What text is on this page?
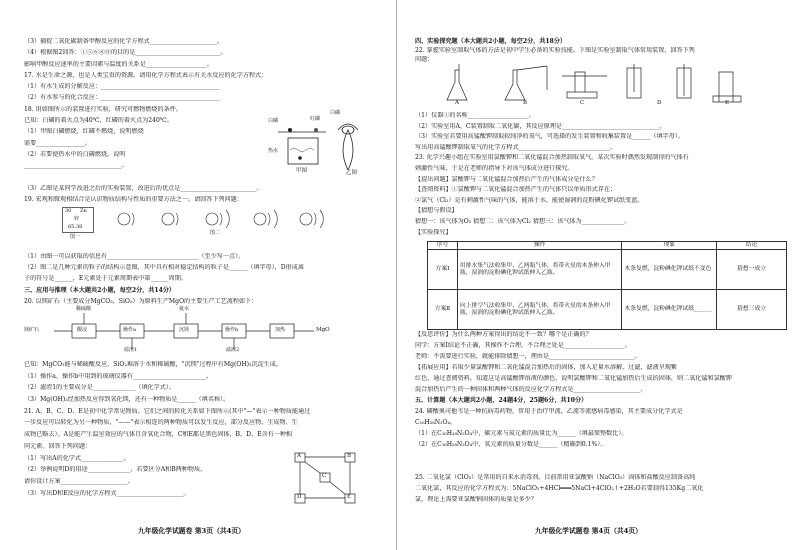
（3）捕捉二氧化碳制备甲醇反应的化学方程式______________________。
（4）根据图2回答：①⑤⑥⑧⑪的目的是____________________________。
影响甲醇反应速率的主要因素与温度的关系是____________________。
17. 水是生命之源，也是人类宝贵的资源。请用化学方程式表示有关水反应的化学方程式：
（1）有水生成的分解反应：_______________________________________
（2）有水参与的化合反应：_______________________________________
18. 用如图所示的装置进行实验，研究可燃物燃烧的条件。
已知：白磷的着火点为40℃，红磷的着火点为240℃。
（1）甲图白磷燃烧，红磷不燃烧，说明燃烧
需要________________。
（2）若要使热水中的白磷燃烧，说明
________________________________。
（3）乙图是某同学改进之后的实验装置，改进后的优点是_________________________。
19. 宏观和微观相结合是认识物质结构与性质的重要方法之一。请回答下列问题：
（1）由图一可以获取的信息有______________________________（至少写一点）。
（2）图二是几种元素的粒子的结构示意图，其中具有相对稳定结构的粒子是______（填字母），D形成离
子的符号是______，E元素处于元素周期表中第______周期。
三、应用与推理（本大题共2小题，每空2分，共14分）
20. 以镁矿石（主要成分MgCO₃，SiO₂）为原料生产MgO的主要生产工艺流程如下：
白磷	红磷
热水
白磷
甲图	乙图
30 Zn
锌
65.38
图二
图一
镁矿石
稀硫酸
酸浸	操作a
滤渣1
氨水
沉镁	操作b
滤液2
加热	MgO
已知：MgCO₃能与稀硫酸反应，SiO₂难溶于水和稀硫酸，"沉镁"过程中有Mg(OH)₂沉淀生成。
（1）操作a、操作b中用到的玻璃仪器有________________________。
（2）滤渣1的主要成分是______________（填化学式）。
（3）Mg(OH)₂经加热反应得到氧化镁，还有一种物质是______（填名称）。
21. A、B、C、D、E是初中化学常见物质。它们之间的转化关系如下图所示(其中"—"表示一种物质能通过
一步反应可以转化为另一种物质，"——"表示相连的两种物质可以发生反应，部分反应物、生成物、生
成物已略去）。A是能产生温室效应的气体且含氧化合物，C和E都是黑色固体，B、D、E含有一种相
同元素。回答下列问题：
（1）写出A的化学式______________。
（2）举例说明D的用途______________，若要区分A和B两种物质，
请你设计方案______________________。
（3）写出D和E反应的化学方程式______________________。
A	B
C
D	E
九年级化学试题卷 第3页（共4页）
四、实验探究题（本大题共2小题，每空2分，共18分）
22. 掌握实验室制取气体的方法是初中学生必备的实验技能。下图是实验室制取气体常用装置，回答下列
问题：
A	B	C	D	E
（1）仪器①的名称____________________。
（2）实验室用A、C装置制取二氧化碳，其反应原理是________________________________。
（3）实验室若要用高锰酸钾制取较纯净的氧气，可选择的发生装置和收集装置是______（填字母）。
写出用高锰酸钾制取氧气的化学方程式______________________________。
23. 化学兴趣小组在实验室用氯酸钾和二氧化锰混合加热制取氧气。某次实验时偶然发现制得的气体有
刺激性气味，于是在老师的指导下对该气体成分进行探究。
【提出问题】氯酸钾与二氧化锰混合加热后产生的气体成分是什么？
【查阅资料】①氯酸钾与二氧化锰混合加热产生的气体只以单质形式存在；
②氯气（Cl₂）是有刺激性气味的气体，能溶于水，能使湿润的淀粉碘化钾试纸变蓝。
【猜想与假设】
猜想一：该气体为O₂ 猜想二：该气体为Cl₂ 猜想三：该气体为______________。
【实验探究】
序号	操作	现象	结论
方案Ⅰ	用排水集气法收集甲、乙两瓶气体，将带火星的木条伸入甲瓶，湿润的淀粉碘化钾试纸伸入乙瓶。	木条复燃，淀粉碘化钾试纸不变色	猜想一成立
方案Ⅱ	向上排空气法收集甲、乙两瓶气体，将带火星的木条伸入甲瓶，湿润的淀粉碘化钾试纸伸入乙瓶。	木条复燃，淀粉碘化钾试纸______	猜想三成立
【反思评价】为什么两种方案得出的结论不一致？哪个是正确的？
同学：方案Ⅰ结论不正确，其操作不合理，不合理之处是____________________。
老师：不需要进行实验，就能排除猜想一，理由是____________________________。
【拓展应用】若取少量氯酸钾和二氧化锰混合加热后的固体，加入足量水溶解、过滤，滤液呈现紫
红色，通过查阅资料，知道这是高锰酸钾溶液的颜色，说明氯酸钾和二氧化锰加热后生成的固体，则二氧化锰和氯酸钾
混合加热后产生的一种固体和两种气体的反应化学方程式是______________________。
五、计算题（本大题共2小题，24题4分，25题6分，共10分）
24. 磷酸奥司他韦是一种抗病毒药物，常用于治疗甲流、乙流等流感病毒感染，其主要成分化学式是
C₁₆H₂₈N₂O₄。
（1）在C₁₆H₂₈N₂O₄中，碳元素与氮元素的质量比为______（填最简整数比）。
（2）在C₁₆H₂₈N₂O₄中，氧元素的质量分数是______（精确到0.1%）。
25. 二氧化氯（ClO₂）是常用的自来水消毒剂。目前常用亚氯酸钠（NaClO₂）固体和盐酸反应制备高纯
二氧化氯，其反应的化学方程式为：5NaClO₂+4HCl═══5NaCl+4ClO₂↑+2H₂O若要制得135Kg二氧化
氯，理论上需要亚氯酸钠固体的质量是多少？
九年级化学试题卷 第4页（共4页）
